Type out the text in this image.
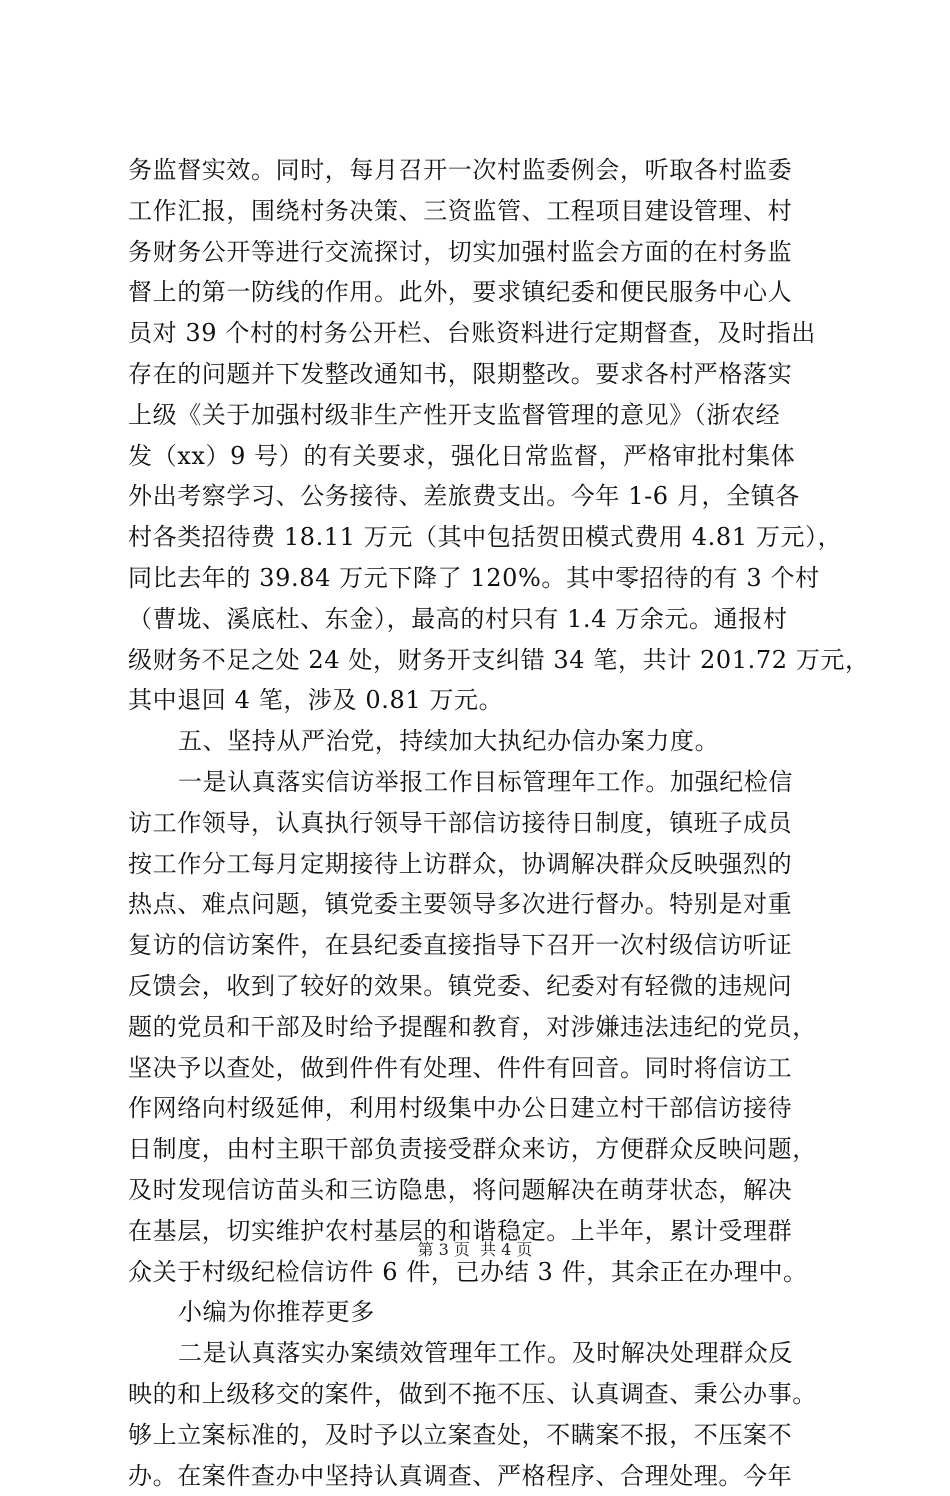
务监督实效。同时，每月召开一次村监委例会，听取各村监委
工作汇报，围绕村务决策、三资监管、工程项目建设管理、村
务财务公开等进行交流探讨，切实加强村监会方面的在村务监
督上的第一防线的作用。此外，要求镇纪委和便民服务中心人
员对 39 个村的村务公开栏、台账资料进行定期督查，及时指出
存在的问题并下发整改通知书，限期整改。要求各村严格落实
上级《关于加强村级非生产性开支监督管理的意见》（浙农经
发（xx）9 号）的有关要求，强化日常监督，严格审批村集体
外出考察学习、公务接待、差旅费支出。今年 1-6 月，全镇各
村各类招待费 18.11 万元（其中包括贺田模式费用 4.81 万元），
同比去年的 39.84 万元下降了 120%。其中零招待的有 3 个村
（曹垅、溪底杜、东金），最高的村只有 1.4 万余元。通报村
级财务不足之处 24 处，财务开支纠错 34 笔，共计 201.72 万元，
其中退回 4 笔，涉及 0.81 万元。
五、坚持从严治党，持续加大执纪办信办案力度。
一是认真落实信访举报工作目标管理年工作。加强纪检信
访工作领导，认真执行领导干部信访接待日制度，镇班子成员
按工作分工每月定期接待上访群众，协调解决群众反映强烈的
热点、难点问题，镇党委主要领导多次进行督办。特别是对重
复访的信访案件，在县纪委直接指导下召开一次村级信访听证
反馈会，收到了较好的效果。镇党委、纪委对有轻微的违规问
题的党员和干部及时给予提醒和教育，对涉嫌违法违纪的党员，
坚决予以查处，做到件件有处理、件件有回音。同时将信访工
作网络向村级延伸，利用村级集中办公日建立村干部信访接待
日制度，由村主职干部负责接受群众来访，方便群众反映问题，
及时发现信访苗头和三访隐患，将问题解决在萌芽状态，解决
在基层，切实维护农村基层的和谐稳定。上半年，累计受理群
众关于村级纪检信访件 6 件，已办结 3 件，其余正在办理中。
小编为你推荐更多
二是认真落实办案绩效管理年工作。及时解决处理群众反
映的和上级移交的案件，做到不拖不压、认真调查、秉公办事。
够上立案标准的，及时予以立案查处，不瞒案不报，不压案不
办。在案件查办中坚持认真调查、严格程序、合理处理。今年
第 3 页  共 4 页
